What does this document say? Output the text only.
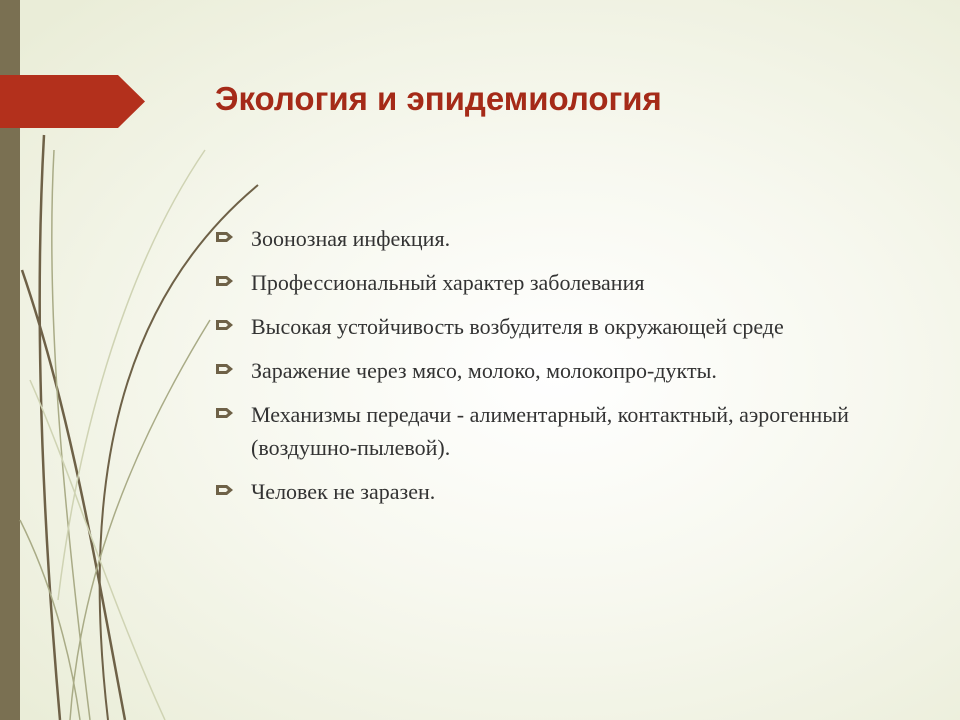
Экология и эпидемиология
Зоонозная инфекция.
Профессиональный характер заболевания
Высокая устойчивость возбудителя в окружающей среде
Заражение через мясо, молоко, молокопро-дукты.
Механизмы передачи - алиментарный, контактный, аэрогенный (воздушно-пылевой).
Человек не заразен.
